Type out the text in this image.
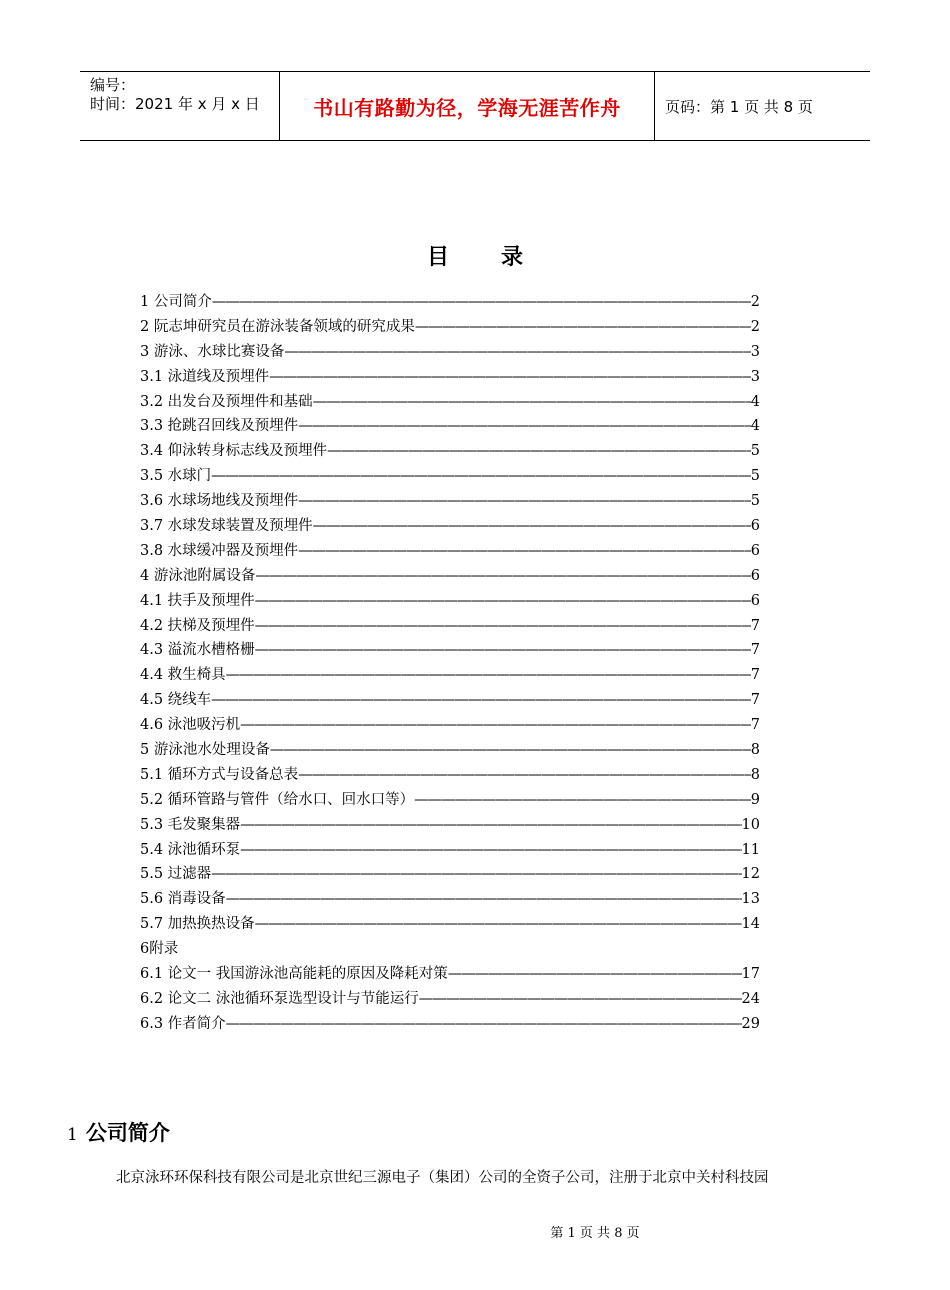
编号：
时间：2021 年 x 月 x 日	书山有路勤为径，学海无涯苦作舟	页码：第 1 页 共 8 页
目录
1 公司简介 —————	2
2 阮志坤研究员在游泳装备领域的研究成果 —————	2
3 游泳、水球比赛设备 —————	3
3.1 泳道线及预埋件 —————	3
3.2 出发台及预埋件和基础 —————	4
3.3 抢跳召回线及预埋件 —————	4
3.4 仰泳转身标志线及预埋件 —————	5
3.5 水球门 —————	5
3.6 水球场地线及预埋件 —————	5
3.7 水球发球装置及预埋件 —————	6
3.8 水球缓冲器及预埋件 —————	6
4 游泳池附属设备 —————	6
4.1 扶手及预埋件 —————	6
4.2 扶梯及预埋件 —————	7
4.3 溢流水槽格栅 —————	7
4.4 救生椅具 —————	7
4.5 绕线车 —————	7
4.6 泳池吸污机 —————	7
5 游泳池水处理设备 —————	8
5.1 循环方式与设备总表 —————	8
5.2 循环管路与管件（给水口、回水口等） —————	9
5.3 毛发聚集器 —————	10
5.4 泳池循环泵 —————	11
5.5 过滤器 —————	12
5.6 消毒设备 —————	13
5.7 加热换热设备 —————	14
6附录
6.1 论文一 我国游泳池高能耗的原因及降耗对策 —————	17
6.2 论文二 泳池循环泵选型设计与节能运行 —————	24
6.3 作者简介 —————	29
1 公司简介
北京泳环环保科技有限公司是北京世纪三源电子（集团）公司的全资子公司，注册于北京中关村科技园
第 1 页 共 8 页
